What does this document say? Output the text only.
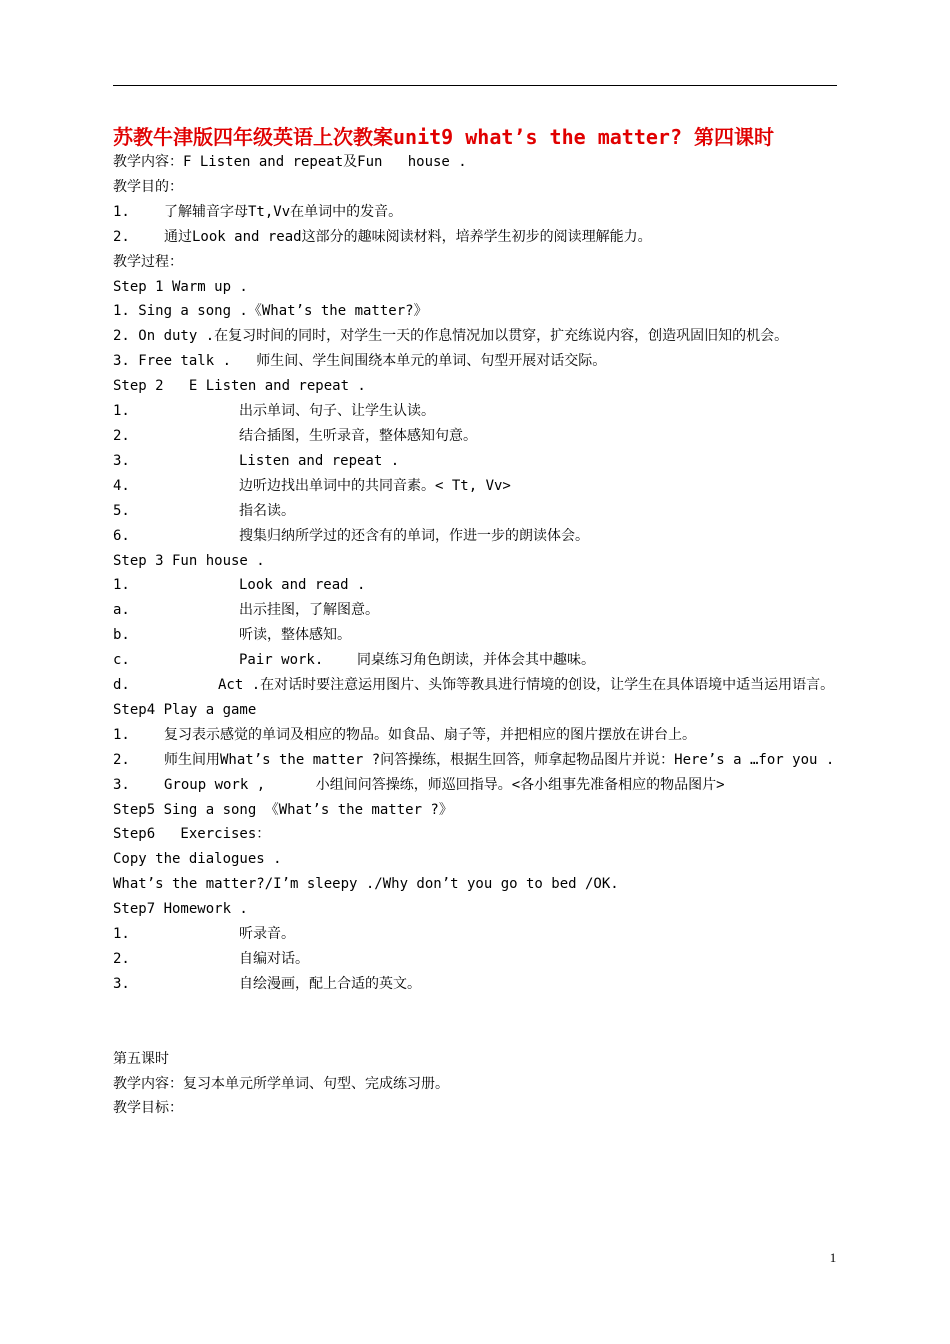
苏教牛津版四年级英语上次教案unit9 what’s the matter? 第四课时
教学内容：F Listen and repeat及Fun   house .
教学目的：
1. 了解辅音字母Tt,Vv在单词中的发音。
2. 通过Look and read这部分的趣味阅读材料，培养学生初步的阅读理解能力。
教学过程：
Step 1 Warm up .
1. Sing a song .《What’s the matter?》
2. On duty .在复习时间的同时，对学生一天的作息情况加以贯穿，扩充练说内容，创造巩固旧知的机会。
3. Free talk .   师生间、学生间围绕本单元的单词、句型开展对话交际。
Step 2   E Listen and repeat .
1.	出示单词、句子、让学生认读。
2.	结合插图，生听录音，整体感知句意。
3.	Listen and repeat .
4.	边听边找出单词中的共同音素。< Tt, Vv>
5.	指名读。
6.	搜集归纳所学过的还含有的单词，作进一步的朗读体会。
Step 3 Fun house .
1.	Look and read .
a.	出示挂图，了解图意。
b.	听读，整体感知。
c.	Pair work.    同桌练习角色朗读，并体会其中趣味。
d.	Act .在对话时要注意运用图片、头饰等教具进行情境的创设，让学生在具体语境中适当运用语言。
Step4 Play a game
1. 复习表示感觉的单词及相应的物品。如食品、扇子等，并把相应的图片摆放在讲台上。
2. 师生间用What’s the matter ?问答操练，根据生回答，师拿起物品图片并说：Here’s a …for you .
3. Group work ,      小组间问答操练，师巡回指导。<各小组事先准备相应的物品图片>
Step5 Sing a song 《What’s the matter ?》
Step6   Exercises：
Copy the dialogues .
What’s the matter?/I’m sleepy ./Why don’t you go to bed /OK.
Step7 Homework .
1.	听录音。
2.	自编对话。
3.	自绘漫画，配上合适的英文。
第五课时
教学内容：复习本单元所学单词、句型、完成练习册。
教学目标：
1
